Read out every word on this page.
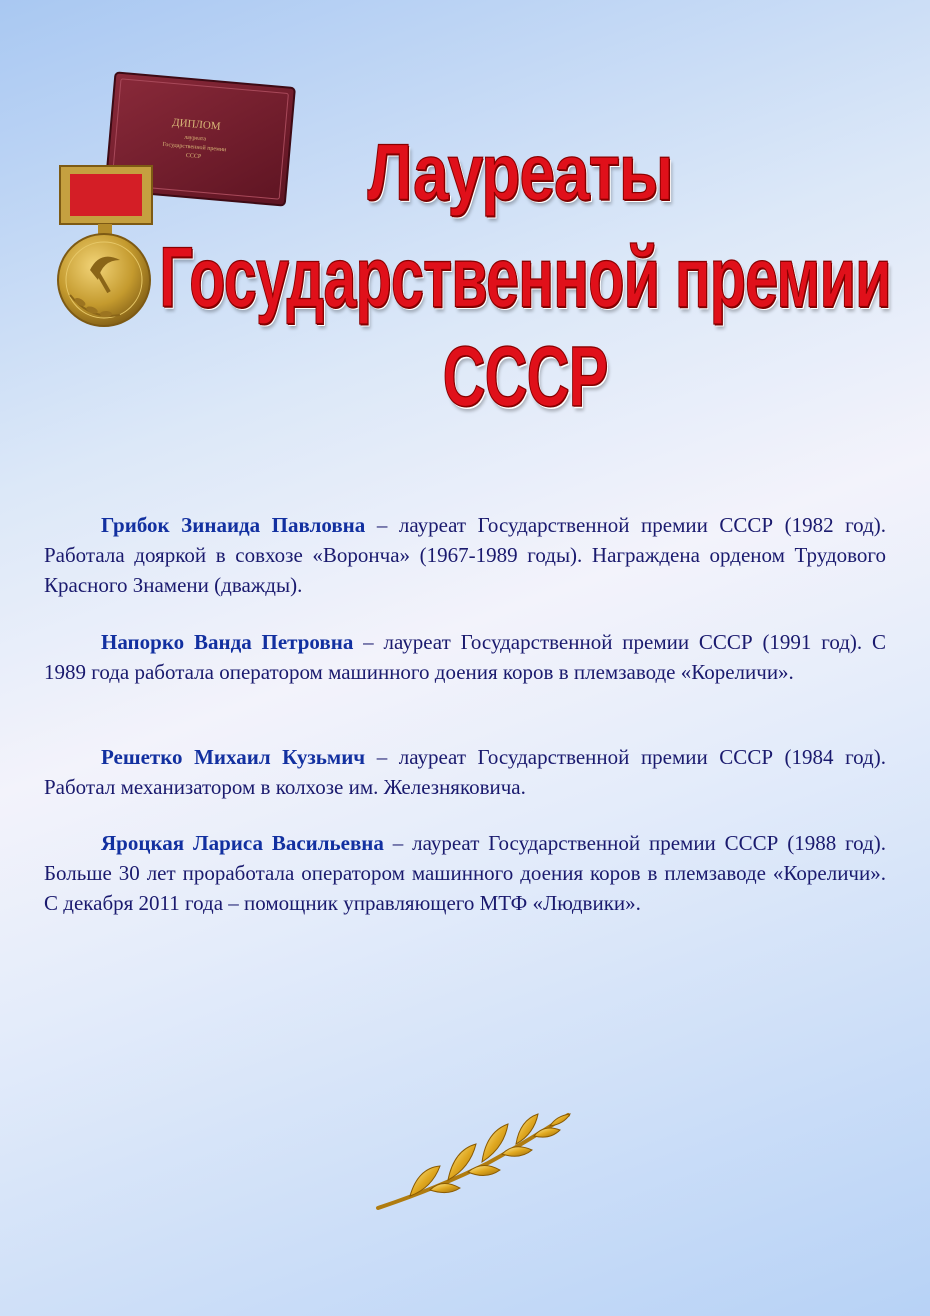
ДИПЛОМ
лауреата
Государственной премии
СССР	Лауреаты
Государственной премии СССР

Грибок Зинаида Павловна – лауреат Государственной премии СССР (1982 год). Работала дояркой в совхозе «Ворончa» (1967-1989 годы). Награждена орденом Трудового Красного Знамени (дважды).

Напорко Ванда Петровна – лауреат Государственной премии СССР (1991 год). С 1989 года работала оператором машинного доения коров в племзаводе «Кореличи».

Решетко Михаил Кузьмич – лауреат Государственной премии СССР (1984 год). Работал механизатором в колхозе им. Железняковича.

Яроцкая Лариса Васильевна – лауреат Государственной премии СССР (1988 год). Больше 30 лет проработала оператором машинного доения коров в племзаводе «Кореличи». С декабря 2011 года – помощник управляющего МТФ «Людвики».
